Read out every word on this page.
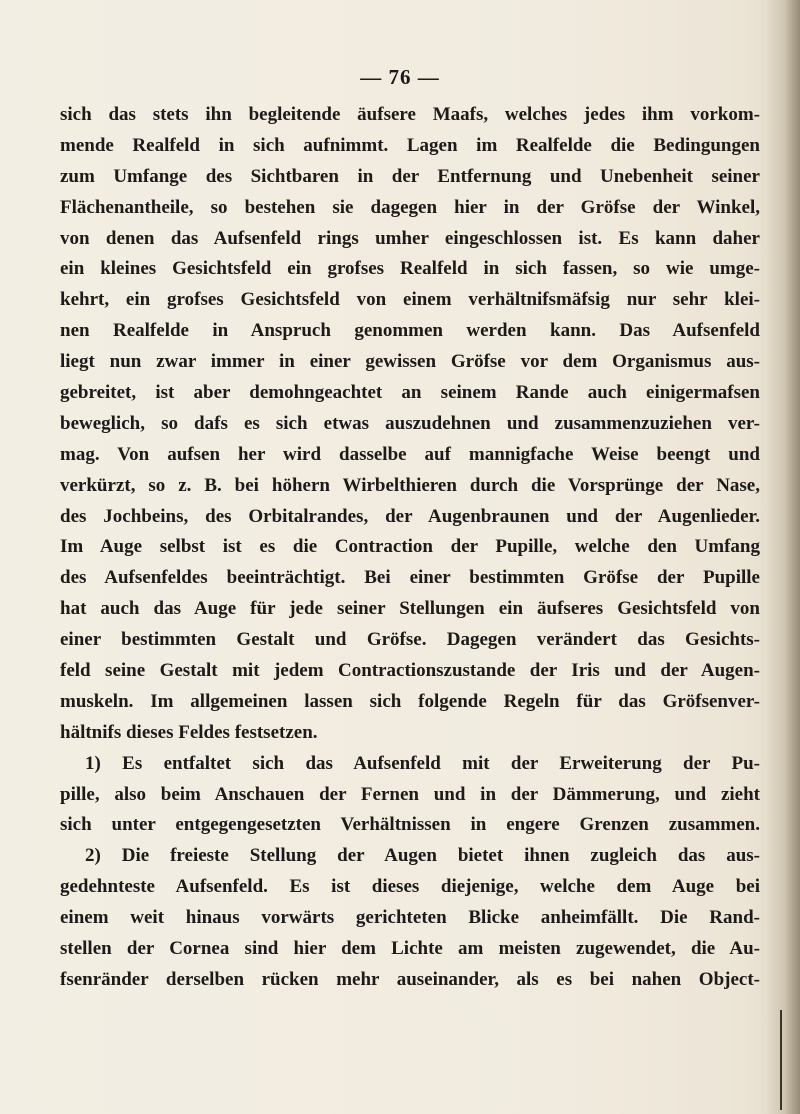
— 76 —
sich das stets ihn begleitende äufsere Maafs, welches jedes ihm vorkom-
mende Realfeld in sich aufnimmt. Lagen im Realfelde die Bedingungen
zum Umfange des Sichtbaren in der Entfernung und Unebenheit seiner
Flächenantheile, so bestehen sie dagegen hier in der Gröfse der Winkel,
von denen das Aufsenfeld rings umher eingeschlossen ist. Es kann daher
ein kleines Gesichtsfeld ein grofses Realfeld in sich fassen, so wie umge-
kehrt, ein grofses Gesichtsfeld von einem verhältnifsmäfsig nur sehr klei-
nen Realfelde in Anspruch genommen werden kann. Das Aufsenfeld
liegt nun zwar immer in einer gewissen Gröfse vor dem Organismus aus-
gebreitet, ist aber demohngeachtet an seinem Rande auch einigermafsen
beweglich, so dafs es sich etwas auszudehnen und zusammenzuziehen ver-
mag. Von aufsen her wird dasselbe auf mannigfache Weise beengt und
verkürzt, so z. B. bei höhern Wirbelthieren durch die Vorsprünge der Nase,
des Jochbeins, des Orbitalrandes, der Augenbraunen und der Augenlieder.
Im Auge selbst ist es die Contraction der Pupille, welche den Umfang
des Aufsenfeldes beeinträchtigt. Bei einer bestimmten Gröfse der Pupille
hat auch das Auge für jede seiner Stellungen ein äufseres Gesichtsfeld von
einer bestimmten Gestalt und Gröfse. Dagegen verändert das Gesichts-
feld seine Gestalt mit jedem Contractionszustande der Iris und der Augen-
muskeln. Im allgemeinen lassen sich folgende Regeln für das Gröfsenver-
hältnifs dieses Feldes festsetzen.
1) Es entfaltet sich das Aufsenfeld mit der Erweiterung der Pu-
pille, also beim Anschauen der Fernen und in der Dämmerung, und zieht
sich unter entgegengesetzten Verhältnissen in engere Grenzen zusammen.
2) Die freieste Stellung der Augen bietet ihnen zugleich das aus-
gedehnteste Aufsenfeld. Es ist dieses diejenige, welche dem Auge bei
einem weit hinaus vorwärts gerichteten Blicke anheimfällt. Die Rand-
stellen der Cornea sind hier dem Lichte am meisten zugewendet, die Au-
fsenränder derselben rücken mehr auseinander, als es bei nahen Object-
